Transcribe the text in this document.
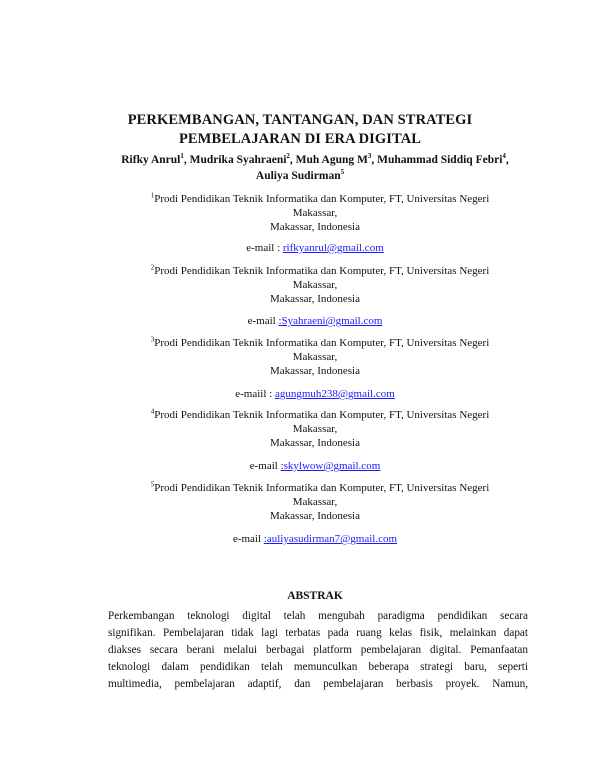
PERKEMBANGAN, TANTANGAN, DAN STRATEGI
PEMBELAJARAN DI ERA DIGITAL
Rifky Anrul$^1$, Mudrika Syahraeni$^2$, Muh Agung $M^3$, Muhammad Siddiq Febri$^4$,
Auliya Sudirman$^5$
$^1$Prodi Pendidikan Teknik Informatika dan Komputer, FT, Universitas Negeri
Makassar,
Makassar, Indonesia
e-mail : rifkyanrul@gmail.com
$^2$Prodi Pendidikan Teknik Informatika dan Komputer, FT, Universitas Negeri
Makassar,
Makassar, Indonesia
e-mail :Syahraeni@gmail.com
$^3$Prodi Pendidikan Teknik Informatika dan Komputer, FT, Universitas Negeri
Makassar,
Makassar, Indonesia
e-maiil : agungmuh238@gmail.com
$^4$Prodi Pendidikan Teknik Informatika dan Komputer, FT, Universitas Negeri
Makassar,
Makassar, Indonesia
e-mail :skylwow@gmail.com
$^5$Prodi Pendidikan Teknik Informatika dan Komputer, FT, Universitas Negeri
Makassar,
Makassar, Indonesia
e-mail :auliyasudirman7@gmail.com
ABSTRAK
Perkembangan teknologi digital telah mengubah paradigma pendidikan secara
signifikan. Pembelajaran tidak lagi terbatas pada ruang kelas fisik, melainkan dapat
diakses secara berani melalui berbagai platform pembelajaran digital. Pemanfaatan
teknologi dalam pendidikan telah memunculkan beberapa strategi baru, seperti
multimedia, pembelajaran adaptif, dan pembelajaran berbasis proyek. Namun,
